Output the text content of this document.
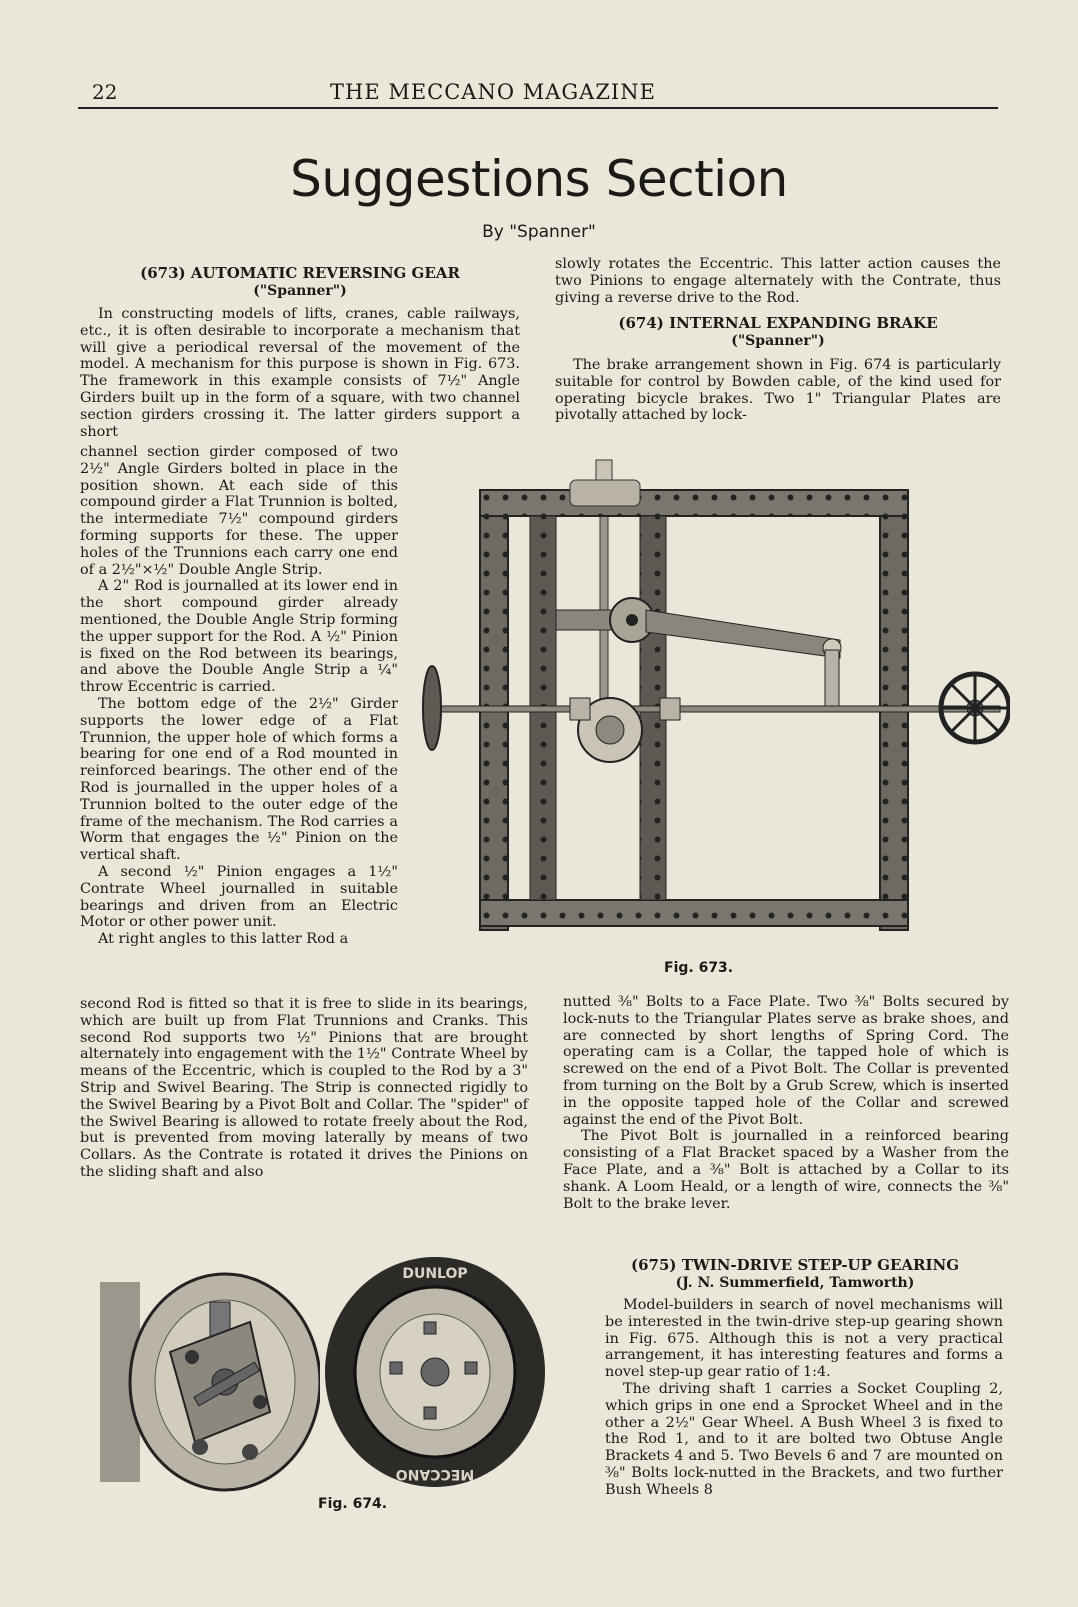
22	THE MECCANO MAGAZINE
Suggestions Section
By "Spanner"
(673) AUTOMATIC REVERSING GEAR
("Spanner")

In constructing models of lifts, cranes, cable railways, etc., it is often desirable to incorporate a mechanism that will give a periodical reversal of the movement of the model. A mechanism for this purpose is shown in Fig. 673. The framework in this example consists of 7½" Angle Girders built up in the form of a square, with two channel section girders crossing it. The latter girders support a short

channel section girder composed of two 2½" Angle Girders bolted in place in the position shown. At each side of this compound girder a Flat Trunnion is bolted, the intermediate 7½" compound girders forming supports for these. The upper holes of the Trunnions each carry one end of a 2½"×½" Double Angle Strip.

A 2" Rod is journalled at its lower end in the short compound girder already mentioned, the Double Angle Strip forming the upper support for the Rod. A ½" Pinion is fixed on the Rod between its bearings, and above the Double Angle Strip a ¼" throw Eccentric is carried.

The bottom edge of the 2½" Girder supports the lower edge of a Flat Trunnion, the upper hole of which forms a bearing for one end of a Rod mounted in reinforced bearings. The other end of the Rod is journalled in the upper holes of a Trunnion bolted to the outer edge of the frame of the mechanism. The Rod carries a Worm that engages the ½" Pinion on the vertical shaft.

A second ½" Pinion engages a 1½" Contrate Wheel journalled in suitable bearings and driven from an Electric Motor or other power unit.

At right angles to this latter Rod a

second Rod is fitted so that it is free to slide in its bearings, which are built up from Flat Trunnions and Cranks. This second Rod supports two ½" Pinions that are brought alternately into engagement with the 1½" Contrate Wheel by means of the Eccentric, which is coupled to the Rod by a 3" Strip and Swivel Bearing. The Strip is connected rigidly to the Swivel Bearing by a Pivot Bolt and Collar. The "spider" of the Swivel Bearing is allowed to rotate freely about the Rod, but is prevented from moving laterally by means of two Collars. As the Contrate is rotated it drives the Pinions on the sliding shaft and also

slowly rotates the Eccentric. This latter action causes the two Pinions to engage alternately with the Contrate, thus giving a reverse drive to the Rod.

(674) INTERNAL EXPANDING BRAKE
("Spanner")

The brake arrangement shown in Fig. 674 is particularly suitable for control by Bowden cable, of the kind used for operating bicycle brakes. Two 1" Triangular Plates are pivotally attached by lock-

Fig. 673.

nutted ⅜" Bolts to a Face Plate. Two ⅜" Bolts secured by lock-nuts to the Triangular Plates serve as brake shoes, and are connected by short lengths of Spring Cord. The operating cam is a Collar, the tapped hole of which is screwed on the end of a Pivot Bolt. The Collar is prevented from turning on the Bolt by a Grub Screw, which is inserted in the opposite tapped hole of the Collar and screwed against the end of the Pivot Bolt.

The Pivot Bolt is journalled in a reinforced bearing consisting of a Flat Bracket spaced by a Washer from the Face Plate, and a ⅜" Bolt is attached by a Collar to its shank. A Loom Heald, or a length of wire, connects the ⅜" Bolt to the brake lever.

(675) TWIN-DRIVE STEP-UP GEARING
(J. N. Summerfield, Tamworth)

Model-builders in search of novel mechanisms will be interested in the twin-drive step-up gearing shown in Fig. 675. Although this is not a very practical arrangement, it has interesting features and forms a novel step-up gear ratio of 1:4.

The driving shaft 1 carries a Socket Coupling 2, which grips in one end a Sprocket Wheel and in the other a 2½" Gear Wheel. A Bush Wheel 3 is fixed to the Rod 1, and to it are bolted two Obtuse Angle Brackets 4 and 5. Two Bevels 6 and 7 are mounted on ⅜" Bolts lock-nutted in the Brackets, and two further Bush Wheels 8

DUNLOP
MECCANO
Fig. 674.
